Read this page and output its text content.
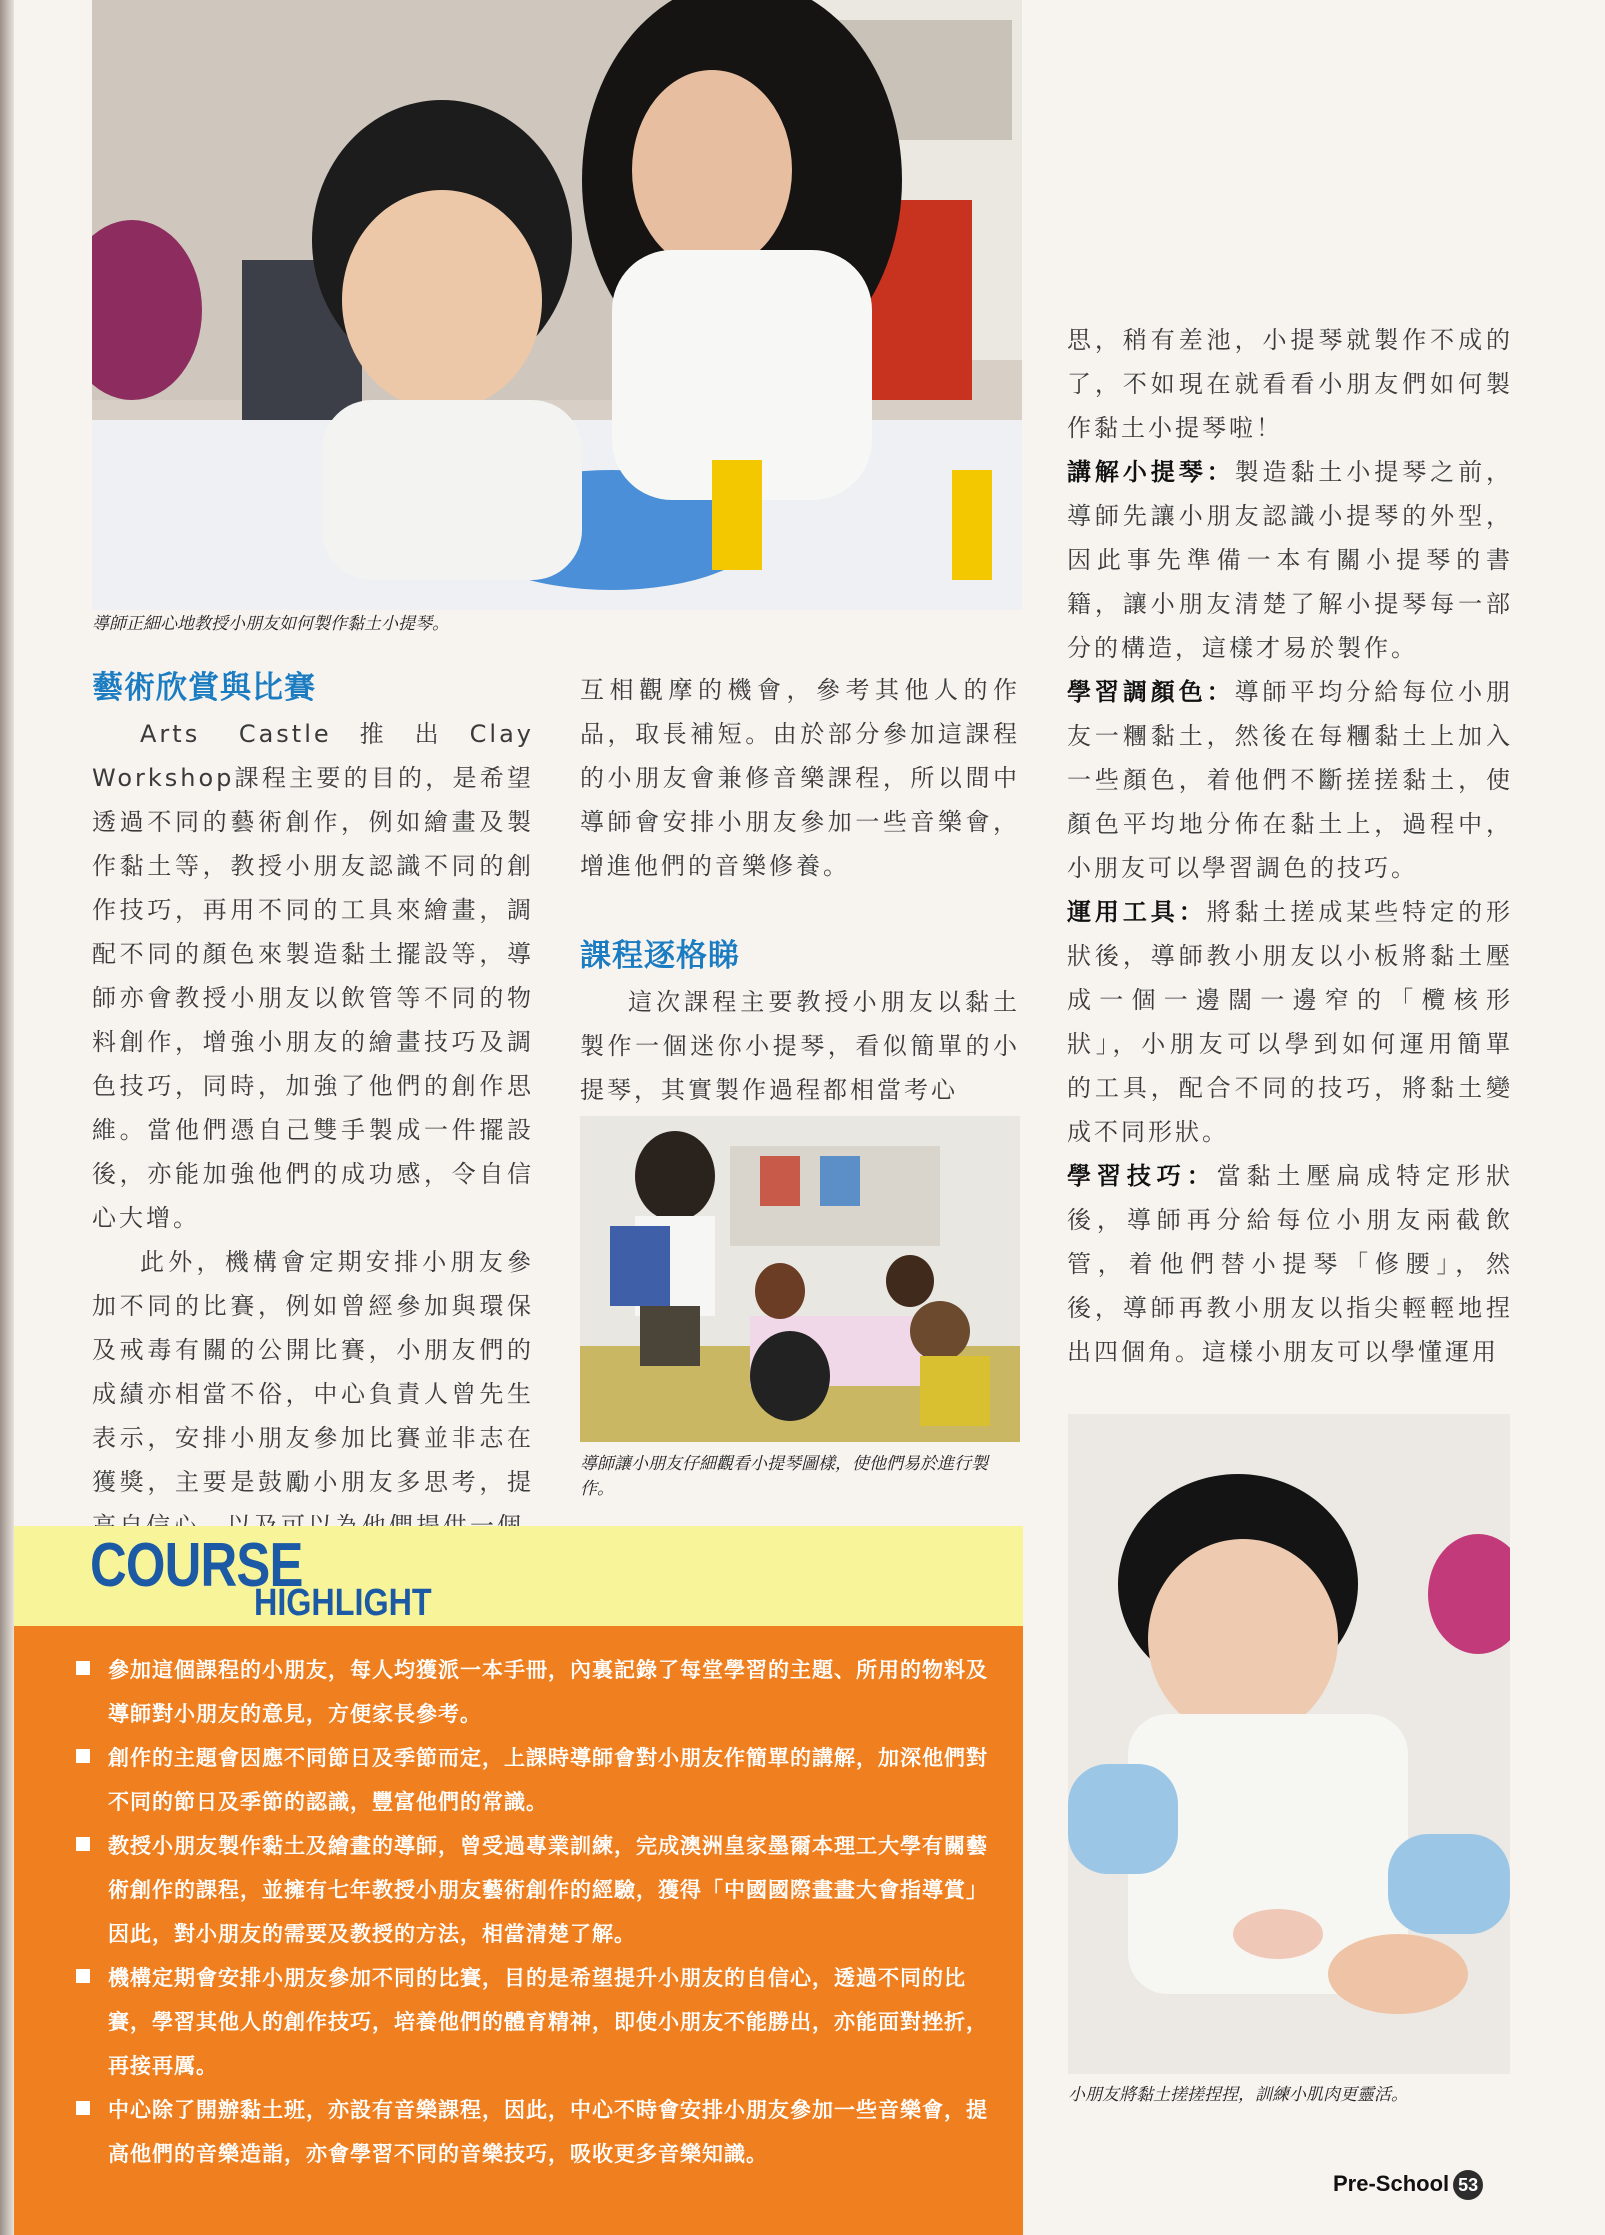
導師正細心地教授小朋友如何製作黏土小提琴。
藝術欣賞與比賽

Arts Castle推出Clay Workshop課程主要的目的，是希望透過不同的藝術創作，例如繪畫及製作黏土等，教授小朋友認識不同的創作技巧，再用不同的工具來繪畫，調配不同的顏色來製造黏土擺設等，導師亦會教授小朋友以飲管等不同的物料創作，增強小朋友的繪畫技巧及調色技巧，同時，加強了他們的創作思維。當他們憑自己雙手製成一件擺設後，亦能加強他們的成功感，令自信心大增。

此外，機構會定期安排小朋友參加不同的比賽，例如曾經參加與環保及戒毒有關的公開比賽，小朋友們的成績亦相當不俗，中心負責人曾先生表示，安排小朋友參加比賽並非志在獲獎，主要是鼓勵小朋友多思考，提

互相觀摩的機會，參考其他人的作品，取長補短。由於部分參加這課程的小朋友會兼修音樂課程，所以間中導師會安排小朋友參加一些音樂會，增進他們的音樂修養。

課程逐格睇

這次課程主要教授小朋友以黏土製作一個迷你小提琴，看似簡單的小提琴，其實製作過程都相當考心

導師讓小朋友仔細觀看小提琴圖樣，使他們易於進行製作。

思，稍有差池，小提琴就製作不成的了，不如現在就看看小朋友們如何製作黏土小提琴啦！

講解小提琴：製造黏土小提琴之前，導師先讓小朋友認識小提琴的外型，因此事先準備一本有關小提琴的書籍，讓小朋友清楚了解小提琴每一部分的構造，這樣才易於製作。

學習調顏色：導師平均分給每位小朋友一糰黏土，然後在每糰黏土上加入一些顏色，着他們不斷搓搓黏土，使顏色平均地分佈在黏土上，過程中，小朋友可以學習調色的技巧。

運用工具：將黏土搓成某些特定的形狀後，導師教小朋友以小板將黏土壓成一個一邊闊一邊窄的「欖核形狀」，小朋友可以學到如何運用簡單的工具，配合不同的技巧，將黏土變成不同形狀。

學習技巧：當黏土壓扁成特定形狀後，導師再分給每位小朋友兩截飲管，着他們替小提琴「修腰」，然後，導師再教小朋友以指尖輕輕地捏出四個角。這樣小朋友可以學懂運用

小朋友將黏土搓搓捏捏，訓練小肌肉更靈活。
COURSE
HIGHLIGHT
參加這個課程的小朋友，每人均獲派一本手冊，內裏記錄了每堂學習的主題、所用的物料及導師對小朋友的意見，方便家長參考。
創作的主題會因應不同節日及季節而定，上課時導師會對小朋友作簡單的講解，加深他們對不同的節日及季節的認識，豐富他們的常識。
教授小朋友製作黏土及繪畫的導師，曾受過專業訓練，完成澳洲皇家墨爾本理工大學有關藝術創作的課程，並擁有七年教授小朋友藝術創作的經驗，獲得「中國國際畫畫大會指導賞」因此，對小朋友的需要及教授的方法，相當清楚了解。
機構定期會安排小朋友參加不同的比賽，目的是希望提升小朋友的自信心，透過不同的比賽，學習其他人的創作技巧，培養他們的體育精神，即使小朋友不能勝出，亦能面對挫折，再接再厲。
中心除了開辦黏土班，亦設有音樂課程，因此，中心不時會安排小朋友參加一些音樂會，提高他們的音樂造詣，亦會學習不同的音樂技巧，吸收更多音樂知識。
Pre-School 53
